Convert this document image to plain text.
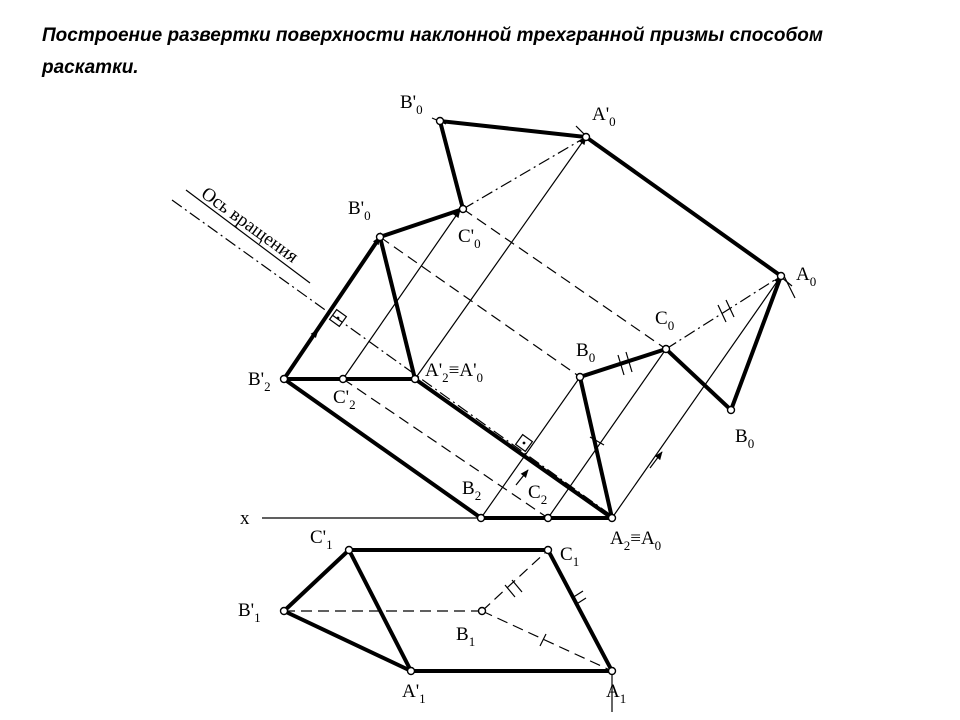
Построение развертки поверхности наклонной трехгранной призмы способом раскатки.
Ось вращения
x
$B'_0$	$A'_0$
$B'_0$
$C'_0$
$A_0$
$C_0$
$B_0$
$B_0$
$B'_2$
$C'_2$
$A'_2\equiv A'_0$
$B_2$ $C_2$
$A_2\equiv A_0$
$C'_1$	$C_1$
$B'_1$
$B_1$
$A'_1$	$A_1$
